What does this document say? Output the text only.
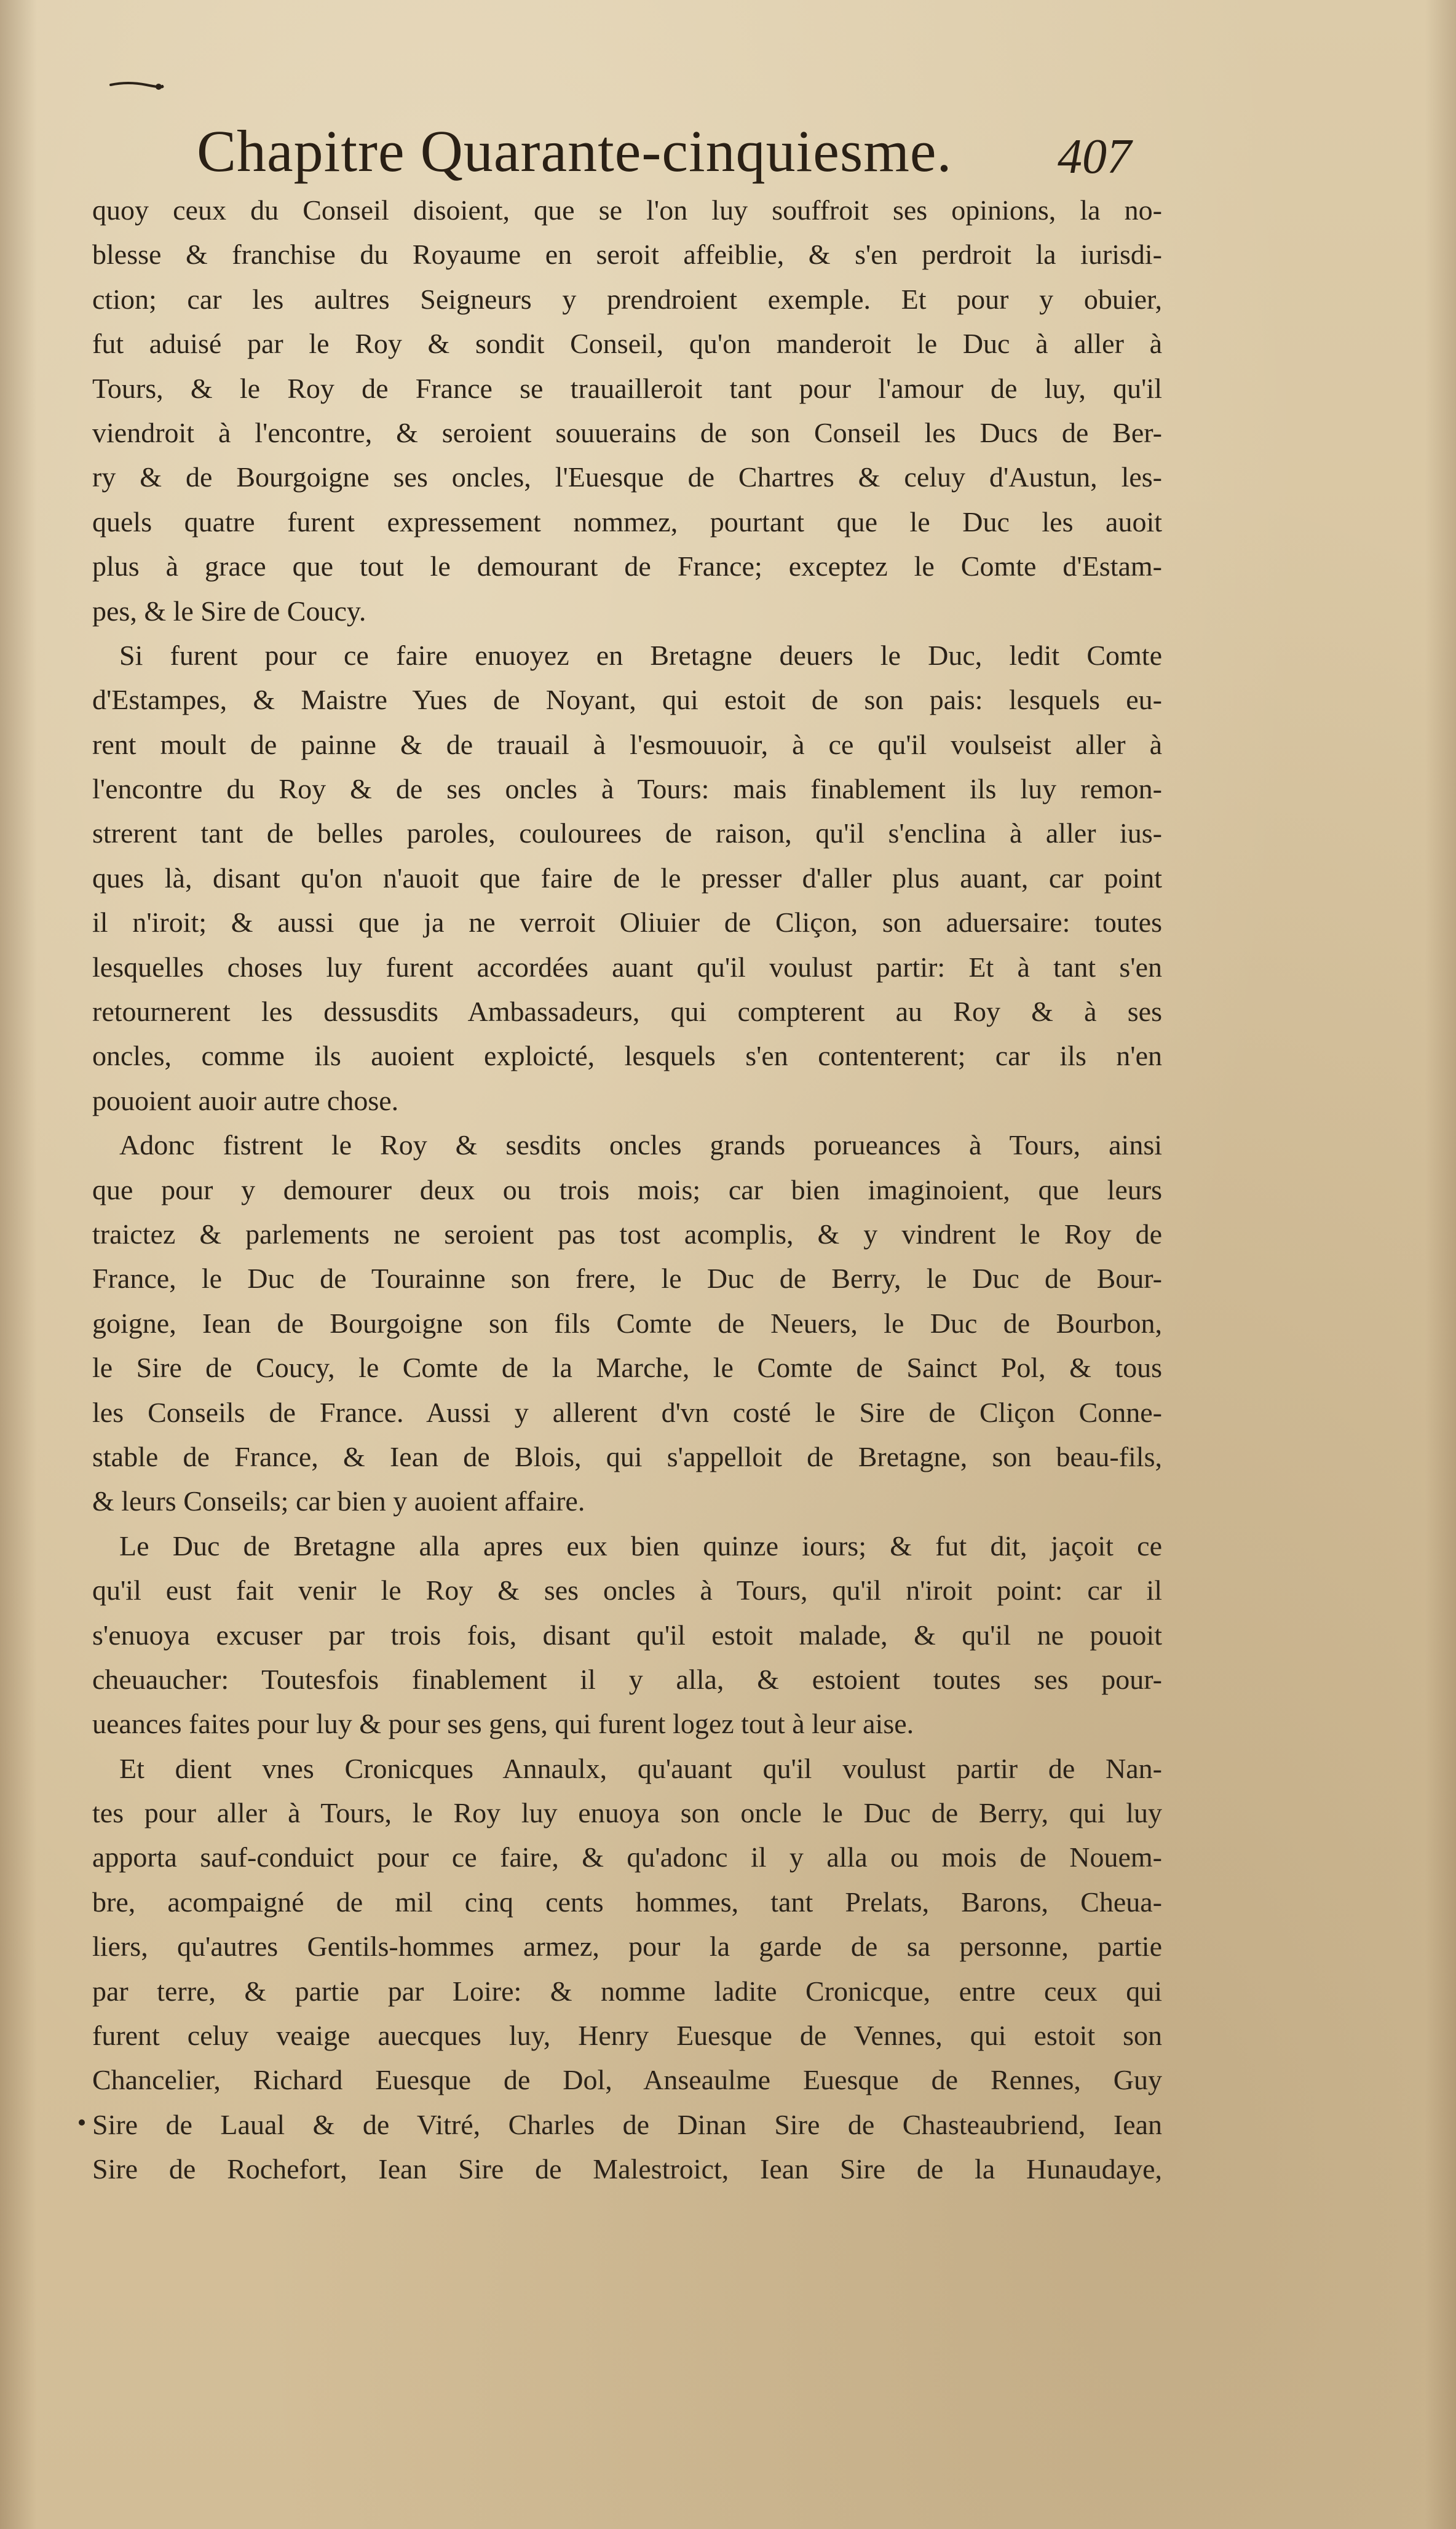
Chapitre Quarante-cinquiesme. 407
quoy ceux du Conseil disoient, que se l'on luy souffroit ses opinions, la no-
blesse & franchise du Royaume en seroit affeiblie, & s'en perdroit la iurisdi-
ction; car les aultres Seigneurs y prendroient exemple. Et pour y obuier,
fut aduisé par le Roy & sondit Conseil, qu'on manderoit le Duc à aller à
Tours, & le Roy de France se trauailleroit tant pour l'amour de luy, qu'il
viendroit à l'encontre, & seroient souuerains de son Conseil les Ducs de Ber-
ry & de Bourgoigne ses oncles, l'Euesque de Chartres & celuy d'Austun, les-
quels quatre furent expressement nommez, pourtant que le Duc les auoit
plus à grace que tout le demourant de France; exceptez le Comte d'Estam-
pes, & le Sire de Coucy.
Si furent pour ce faire enuoyez en Bretagne deuers le Duc, ledit Comte
d'Estampes, & Maistre Yues de Noyant, qui estoit de son pais: lesquels eu-
rent moult de painne & de trauail à l'esmouuoir, à ce qu'il voulseist aller à
l'encontre du Roy & de ses oncles à Tours: mais finablement ils luy remon-
strerent tant de belles paroles, coulourees de raison, qu'il s'enclina à aller ius-
ques là, disant qu'on n'auoit que faire de le presser d'aller plus auant, car point
il n'iroit; & aussi que ja ne verroit Oliuier de Cliçon, son aduersaire: toutes
lesquelles choses luy furent accordées auant qu'il voulust partir: Et à tant s'en
retournerent les dessusdits Ambassadeurs, qui compterent au Roy & à ses
oncles, comme ils auoient exploicté, lesquels s'en contenterent; car ils n'en
pouoient auoir autre chose.
Adonc fistrent le Roy & sesdits oncles grands porueances à Tours, ainsi
que pour y demourer deux ou trois mois; car bien imaginoient, que leurs
traictez & parlements ne seroient pas tost acomplis, & y vindrent le Roy de
France, le Duc de Tourainne son frere, le Duc de Berry, le Duc de Bour-
goigne, Iean de Bourgoigne son fils Comte de Neuers, le Duc de Bourbon,
le Sire de Coucy, le Comte de la Marche, le Comte de Sainct Pol, & tous
les Conseils de France. Aussi y allerent d'vn costé le Sire de Cliçon Conne-
stable de France, & Iean de Blois, qui s'appelloit de Bretagne, son beau-fils,
& leurs Conseils; car bien y auoient affaire.
Le Duc de Bretagne alla apres eux bien quinze iours; & fut dit, jaçoit ce
qu'il eust fait venir le Roy & ses oncles à Tours, qu'il n'iroit point: car il
s'enuoya excuser par trois fois, disant qu'il estoit malade, & qu'il ne pouoit
cheuaucher: Toutesfois finablement il y alla, & estoient toutes ses pour-
ueances faites pour luy & pour ses gens, qui furent logez tout à leur aise.
Et dient vnes Cronicques Annaulx, qu'auant qu'il voulust partir de Nan-
tes pour aller à Tours, le Roy luy enuoya son oncle le Duc de Berry, qui luy
apporta sauf-conduict pour ce faire, & qu'adonc il y alla ou mois de Nouem-
bre, acompaigné de mil cinq cents hommes, tant Prelats, Barons, Cheua-
liers, qu'autres Gentils-hommes armez, pour la garde de sa personne, partie
par terre, & partie par Loire: & nomme ladite Cronicque, entre ceux qui
furent celuy veaige auecques luy, Henry Euesque de Vennes, qui estoit son
Chancelier, Richard Euesque de Dol, Anseaulme Euesque de Rennes, Guy
Sire de Laual & de Vitré, Charles de Dinan Sire de Chasteaubriend, Iean
Sire de Rochefort, Iean Sire de Malestroict, Iean Sire de la Hunaudaye,
